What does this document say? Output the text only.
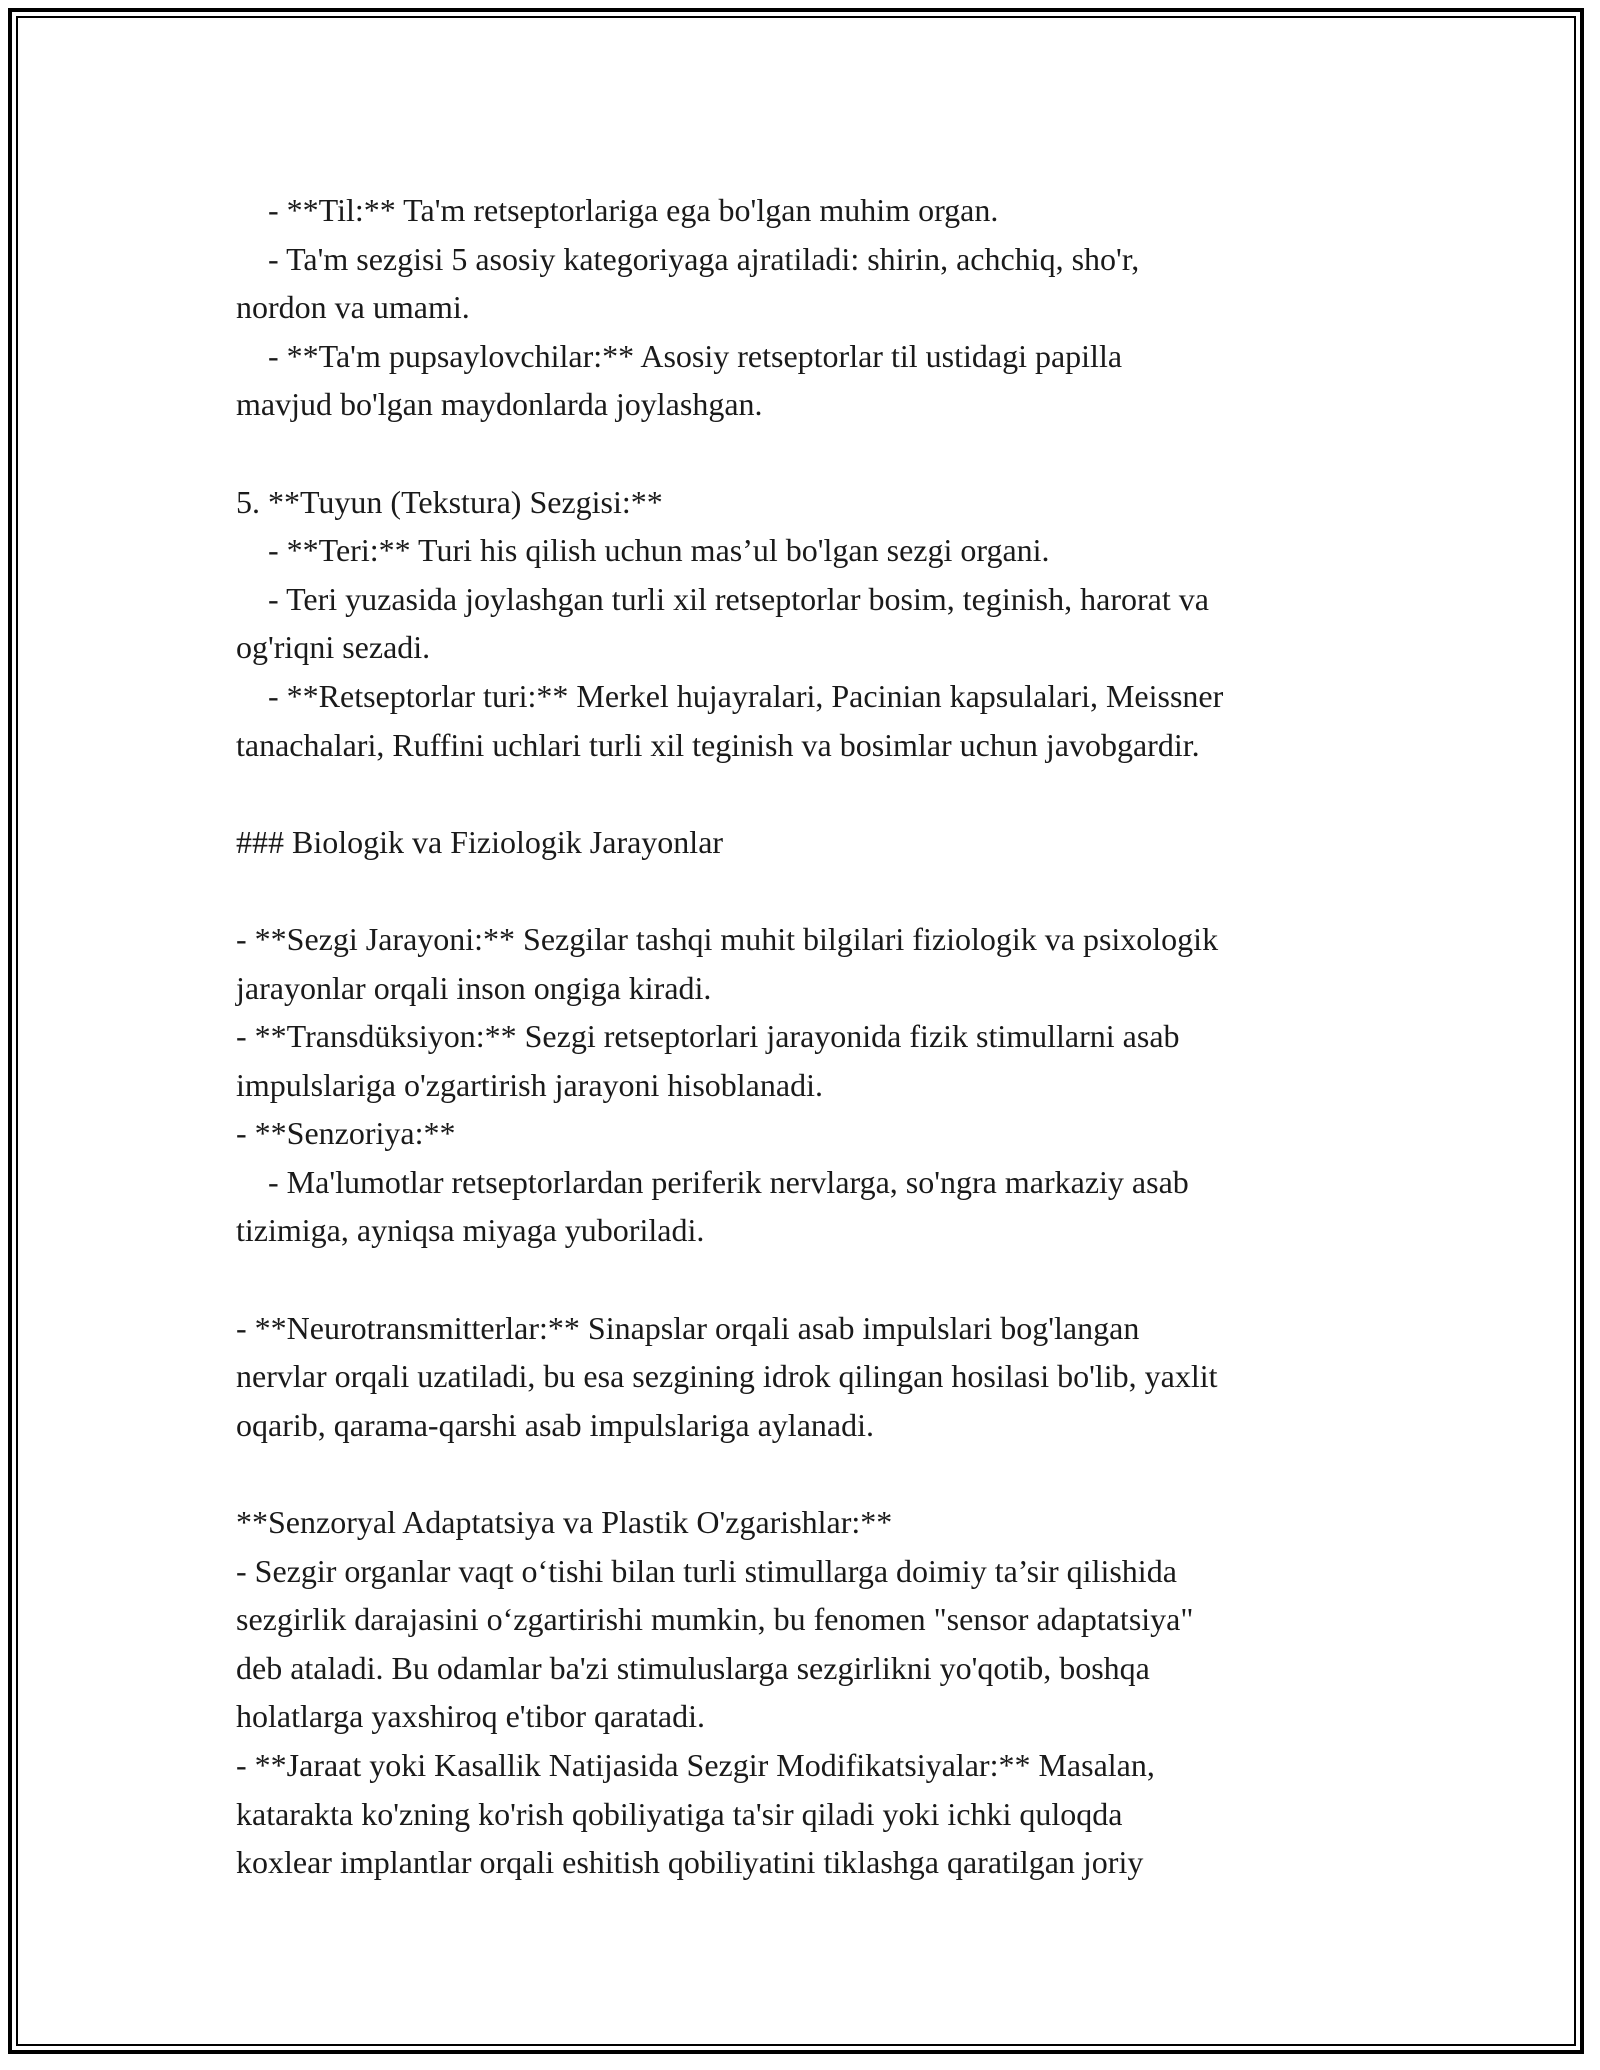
- **Til:** Ta'm retseptorlariga ega bo'lgan muhim organ.
- Ta'm sezgisi 5 asosiy kategoriyaga ajratiladi: shirin, achchiq, sho'r,
nordon va umami.
- **Ta'm pupsaylovchilar:** Asosiy retseptorlar til ustidagi papilla
mavjud bo'lgan maydonlarda joylashgan.
5. **Tuyun (Tekstura) Sezgisi:**
- **Teri:** Turi his qilish uchun mas’ul bo'lgan sezgi organi.
- Teri yuzasida joylashgan turli xil retseptorlar bosim, teginish, harorat va
og'riqni sezadi.
- **Retseptorlar turi:** Merkel hujayralari, Pacinian kapsulalari, Meissner
tanachalari, Ruffini uchlari turli xil teginish va bosimlar uchun javobgardir.
### Biologik va Fiziologik Jarayonlar
- **Sezgi Jarayoni:** Sezgilar tashqi muhit bilgilari fiziologik va psixologik
jarayonlar orqali inson ongiga kiradi.
- **Transdüksiyon:** Sezgi retseptorlari jarayonida fizik stimullarni asab
impulslariga o'zgartirish jarayoni hisoblanadi.
- **Senzoriya:**
- Ma'lumotlar retseptorlardan periferik nervlarga, so'ngra markaziy asab
tizimiga, ayniqsa miyaga yuboriladi.
- **Neurotransmitterlar:** Sinapslar orqali asab impulslari bog'langan
nervlar orqali uzatiladi, bu esa sezgining idrok qilingan hosilasi bo'lib, yaxlit
oqarib, qarama-qarshi asab impulslariga aylanadi.
**Senzoryal Adaptatsiya va Plastik O'zgarishlar:**
- Sezgir organlar vaqt o‘tishi bilan turli stimullarga doimiy ta’sir qilishida
sezgirlik darajasini o‘zgartirishi mumkin, bu fenomen "sensor adaptatsiya"
deb ataladi. Bu odamlar ba'zi stimuluslarga sezgirlikni yo'qotib, boshqa
holatlarga yaxshiroq e'tibor qaratadi.
- **Jaraat yoki Kasallik Natijasida Sezgir Modifikatsiyalar:** Masalan,
katarakta ko'zning ko'rish qobiliyatiga ta'sir qiladi yoki ichki quloqda
koxlear implantlar orqali eshitish qobiliyatini tiklashga qaratilgan joriy
